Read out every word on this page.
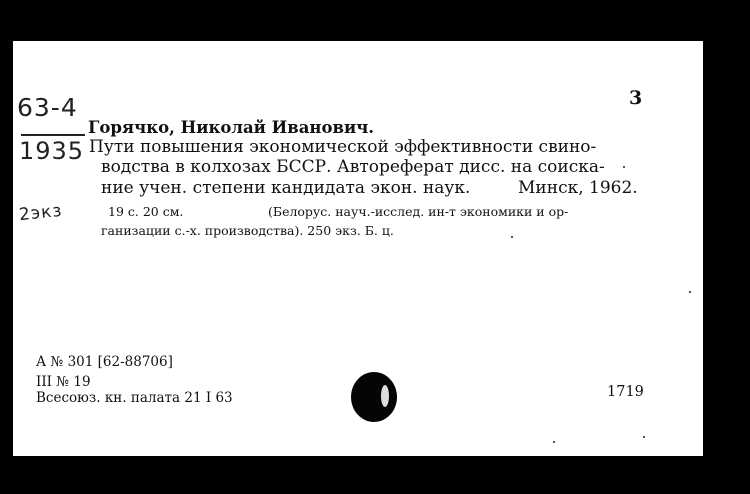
63-4
1935
2экз
3
Горячко, Николай Иванович.
Пути повышения экономической эффективности свино-
водства в колхозах БССР. Автореферат дисс. на соиска-
ние учен. степени кандидата экон. наук.	Минск, 1962.
19 с. 20 см.	(Белорус. науч.-исслед. ин-т экономики и ор-
ганизации с.-х. производства). 250 экз. Б. ц.
А № 301 [62-88706]
III № 19
Всесоюз. кн. палата 21 I 63	1719
